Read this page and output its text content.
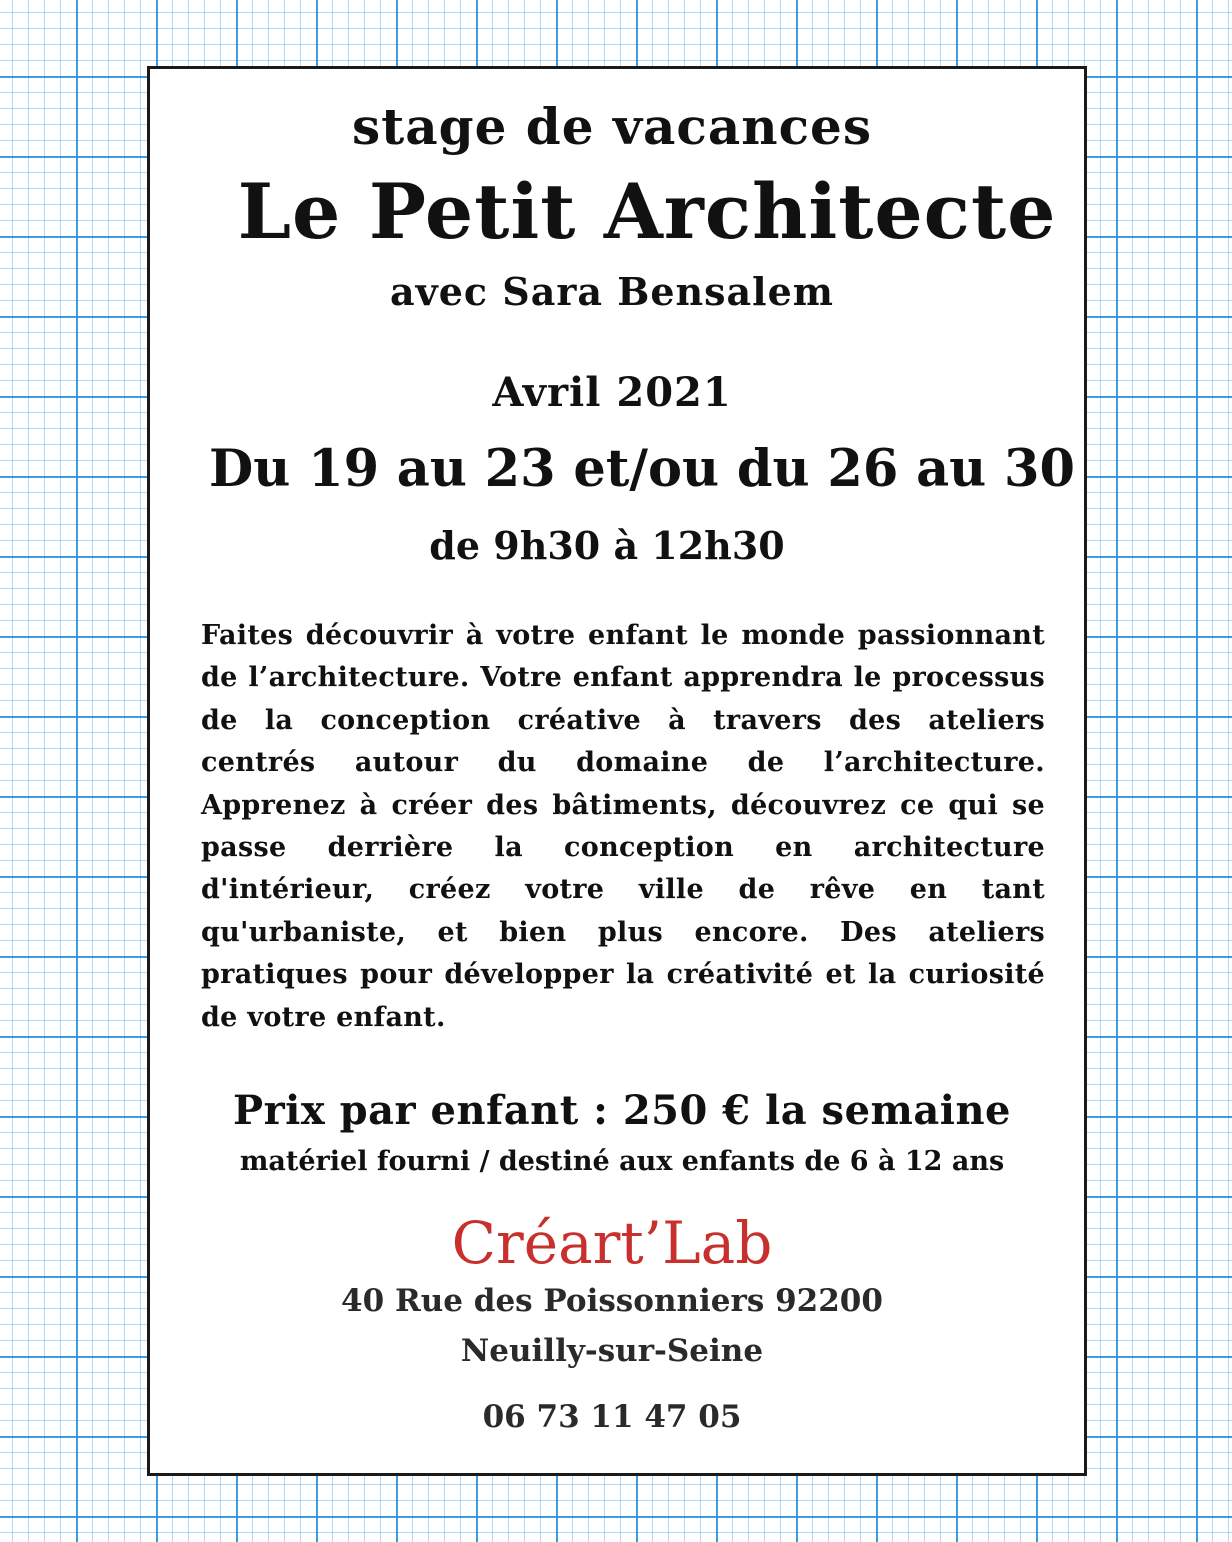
stage de vacances
Le Petit Architecte
avec Sara Bensalem
Avril 2021
Du 19 au 23 et/ou du 26 au 30
de 9h30 à 12h30

Faites découvrir à votre enfant le monde passionnant de l’architecture. Votre enfant apprendra le processus de la conception créative à travers des ateliers centrés autour du domaine de l’architecture. Apprenez à créer des bâtiments, découvrez ce qui se passe derrière la conception en architecture d'intérieur, créez votre ville de rêve en tant qu'urbaniste, et bien plus encore. Des ateliers pratiques pour développer la créativité et la curiosité de votre enfant.

Prix par enfant : 250 € la semaine
matériel fourni / destiné aux enfants de 6 à 12 ans
Créart’Lab
40 Rue des Poissonniers 92200
Neuilly-sur-Seine
06 73 11 47 05
